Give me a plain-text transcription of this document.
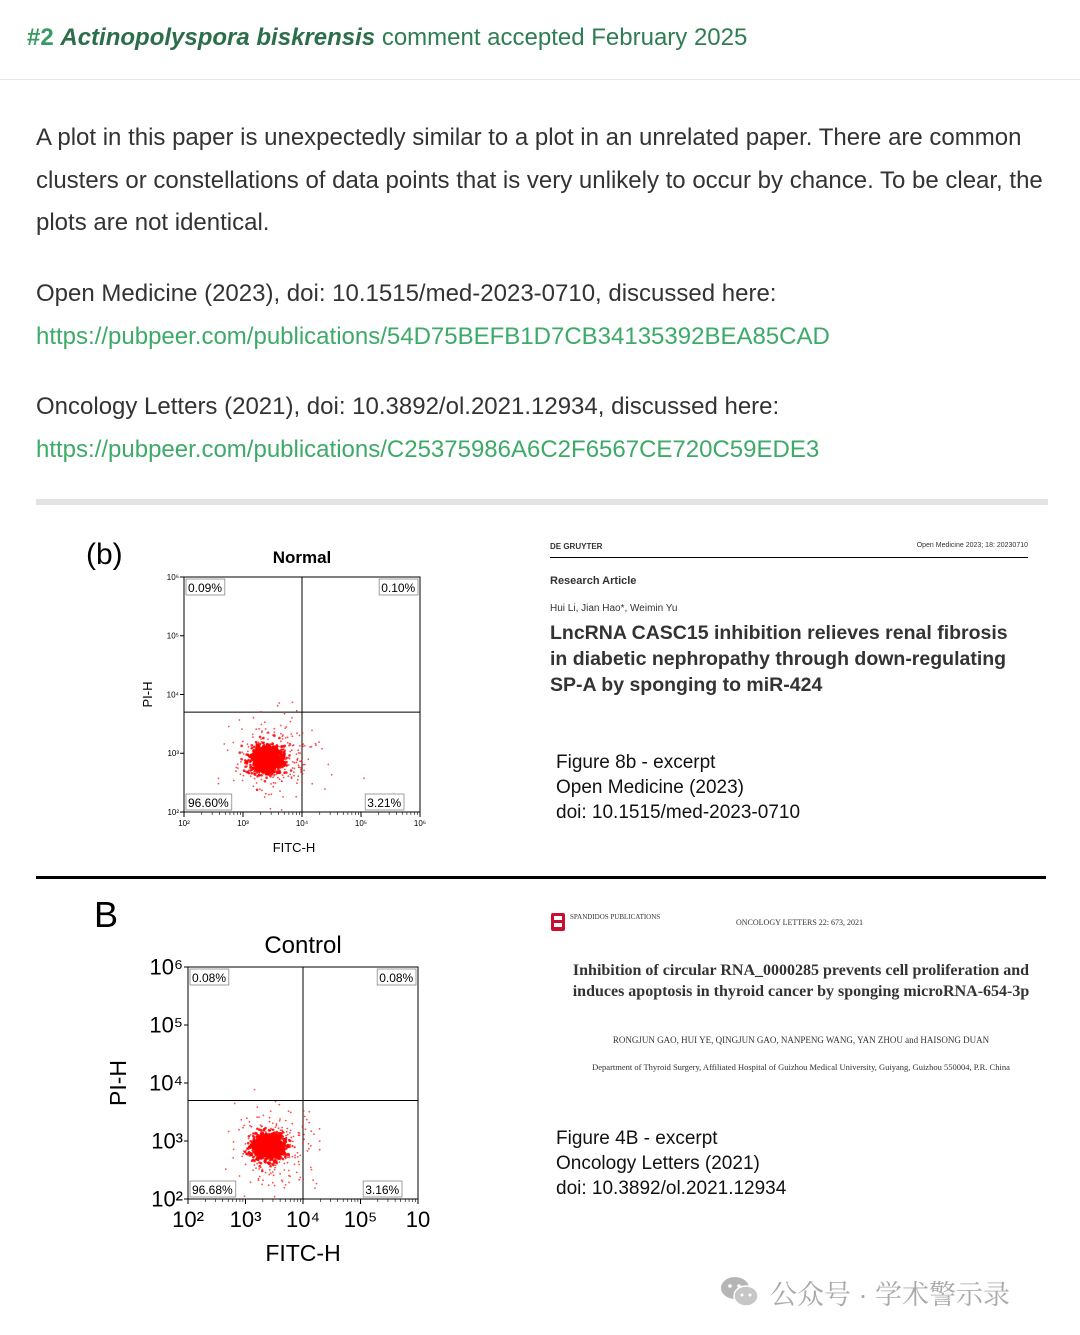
#2 Actinopolyspora biskrensis comment accepted February 2025
A plot in this paper is unexpectedly similar to a plot in an unrelated paper. There are common clusters or constellations of data points that is very unlikely to occur by chance. To be clear, the plots are not identical.
Open Medicine (2023), doi: 10.1515/med-2023-0710, discussed here:
https://pubpeer.com/publications/54D75BEFB1D7CB34135392BEA85CAD
Oncology Letters (2021), doi: 10.3892/ol.2021.12934, discussed here:
https://pubpeer.com/publications/C25375986A6C2F6567CE720C59EDE3
(b)	Normal
0.09%	0.10%
96.60%	3.21%
10²	10³	10⁴	10⁵	10⁶
10⁶
10⁵
10⁴
10³
10²
FITC-H
PI-H
DE GRUYTER	Open Medicine 2023; 18: 20230710
Research Article
Hui Li, Jian Hao*, Weimin Yu
LncRNA CASC15 inhibition relieves renal fibrosis in diabetic nephropathy through down-regulating SP-A by sponging to miR-424
Figure 8b - excerpt
Open Medicine (2023)
doi: 10.1515/med-2023-0710
B
Control
0.08%	0.08%
96.68%	3.16%
10² 10³ 10⁴ 10⁵ 10
10⁶
10⁵
10⁴
10³
10²
FITC-H
PI-H
SPANDIDOS PUBLICATIONS
ONCOLOGY LETTERS 22: 673, 2021
Inhibition of circular RNA_0000285 prevents cell proliferation and induces apoptosis in thyroid cancer by sponging microRNA-654-3p
RONGJUN GAO, HUI YE, QINGJUN GAO, NANPENG WANG, YAN ZHOU and HAISONG DUAN
Department of Thyroid Surgery, Affiliated Hospital of Guizhou Medical University, Guiyang, Guizhou 550004, P.R. China
Figure 4B - excerpt
Oncology Letters (2021)
doi: 10.3892/ol.2021.12934
公众号 · 学术警示录
